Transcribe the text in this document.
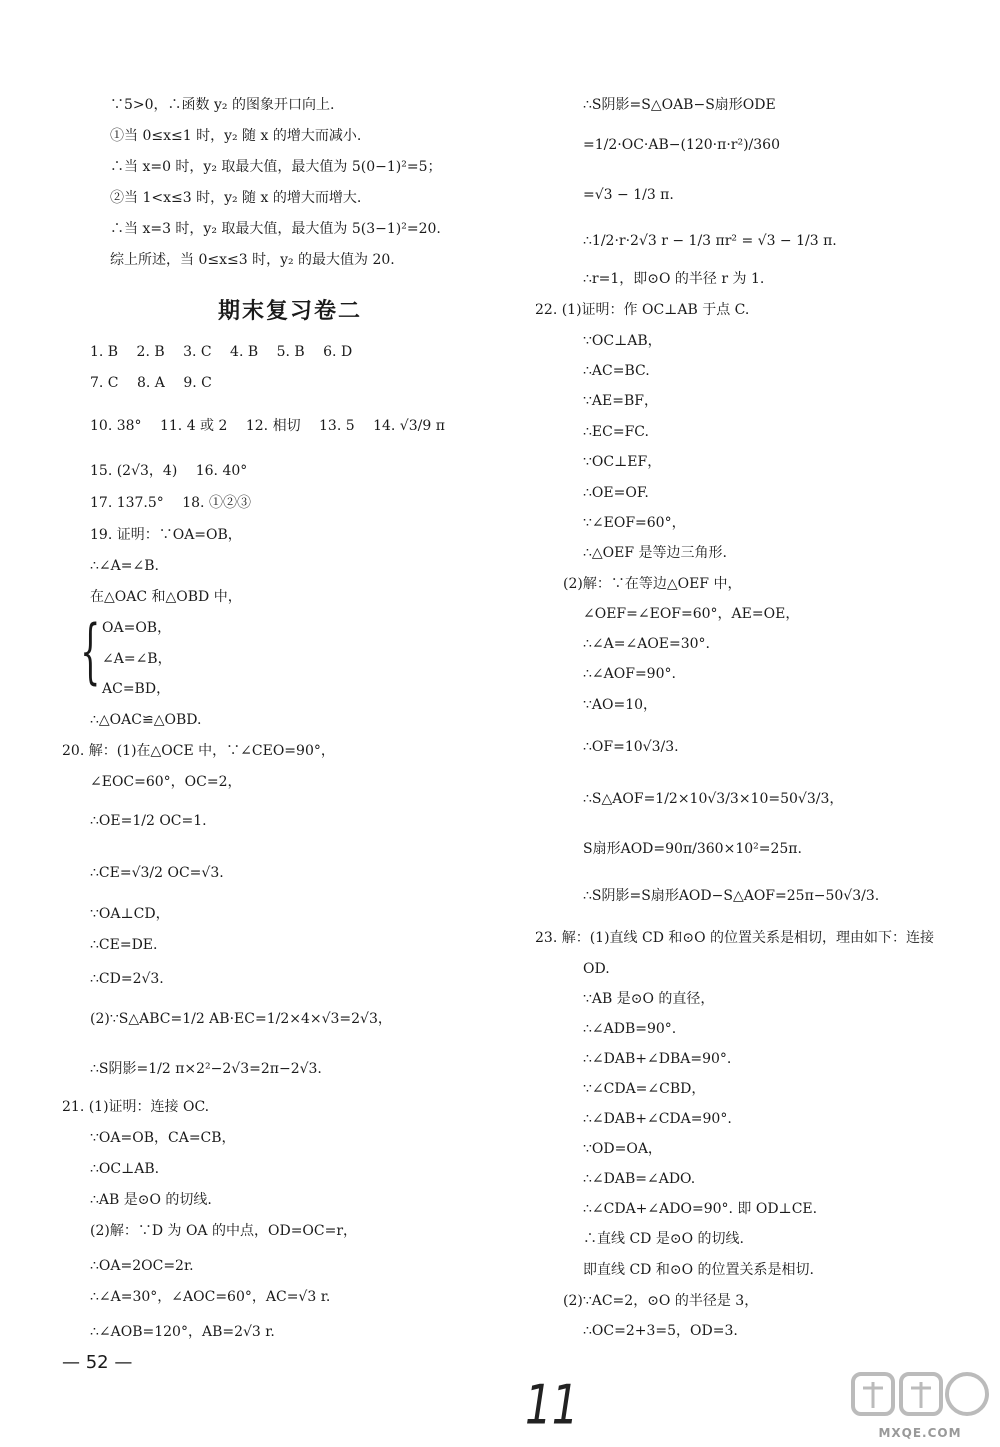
∵5>0，∴函数 y₂ 的图象开口向上.
①当 0≤x≤1 时，y₂ 随 x 的增大而减小.
∴当 x=0 时，y₂ 取最大值，最大值为 5(0−1)²=5；
②当 1<x≤3 时，y₂ 随 x 的增大而增大.
∴当 x=3 时，y₂ 取最大值，最大值为 5(3−1)²=20.
综上所述，当 0≤x≤3 时，y₂ 的最大值为 20.
期末复习卷二
1. B　 2. B　 3. C　 4. B　 5. B　 6. D
7. C　 8. A　 9. C
10. 38°　 11. 4 或 2　 12. 相切　 13. 5　 14. √3/9 π
15. (2√3，4)　 16. 40°
17. 137.5°　 18. ①②③
19. 证明：∵OA=OB，
∴∠A=∠B.
在△OAC 和△OBD 中，
{ OA=OB，
∠A=∠B，
AC=BD，
∴△OAC≌△OBD.
20. 解：(1)在△OCE 中，∵∠CEO=90°，
∠EOC=60°，OC=2，
∴OE=1/2 OC=1.
∴CE=√3/2 OC=√3.
∵OA⊥CD，
∴CE=DE.
∴CD=2√3.
(2)∵S△ABC=1/2 AB·EC=1/2×4×√3=2√3，
∴S阴影=1/2 π×2²−2√3=2π−2√3.
21. (1)证明：连接 OC.
∵OA=OB，CA=CB，
∴OC⊥AB.
∴AB 是⊙O 的切线.
(2)解：∵D 为 OA 的中点，OD=OC=r，
∴OA=2OC=2r.
∴∠A=30°，∠AOC=60°，AC=√3 r.
∴∠AOB=120°，AB=2√3 r.
∴S阴影=S△OAB−S扇形ODE
=1/2·OC·AB−(120·π·r²)/360
=√3 − 1/3 π.
∴1/2·r·2√3 r − 1/3 πr² = √3 − 1/3 π.
∴r=1，即⊙O 的半径 r 为 1.
22. (1)证明：作 OC⊥AB 于点 C.
∵OC⊥AB，
∴AC=BC.
∵AE=BF，
∴EC=FC.
∵OC⊥EF，
∴OE=OF.
∵∠EOF=60°，
∴△OEF 是等边三角形.
(2)解：∵在等边△OEF 中，
∠OEF=∠EOF=60°，AE=OE，
∴∠A=∠AOE=30°.
∴∠AOF=90°.
∵AO=10，
∴OF=10√3/3.
∴S△AOF=1/2×10√3/3×10=50√3/3，
S扇形AOD=90π/360×10²=25π.
∴S阴影=S扇形AOD−S△AOF=25π−50√3/3.
23. 解：(1)直线 CD 和⊙O 的位置关系是相切，理由如下：连接
OD.
∵AB 是⊙O 的直径，
∴∠ADB=90°.
∴∠DAB+∠DBA=90°.
∵∠CDA=∠CBD，
∴∠DAB+∠CDA=90°.
∵OD=OA，
∴∠DAB=∠ADO.
∴∠CDA+∠ADO=90°. 即 OD⊥CE.
∴直线 CD 是⊙O 的切线.
即直线 CD 和⊙O 的位置关系是相切.
(2)∵AC=2，⊙O 的半径是 3，
∴OC=2+3=5，OD=3.
— 52 —
11	MXQE.COM
